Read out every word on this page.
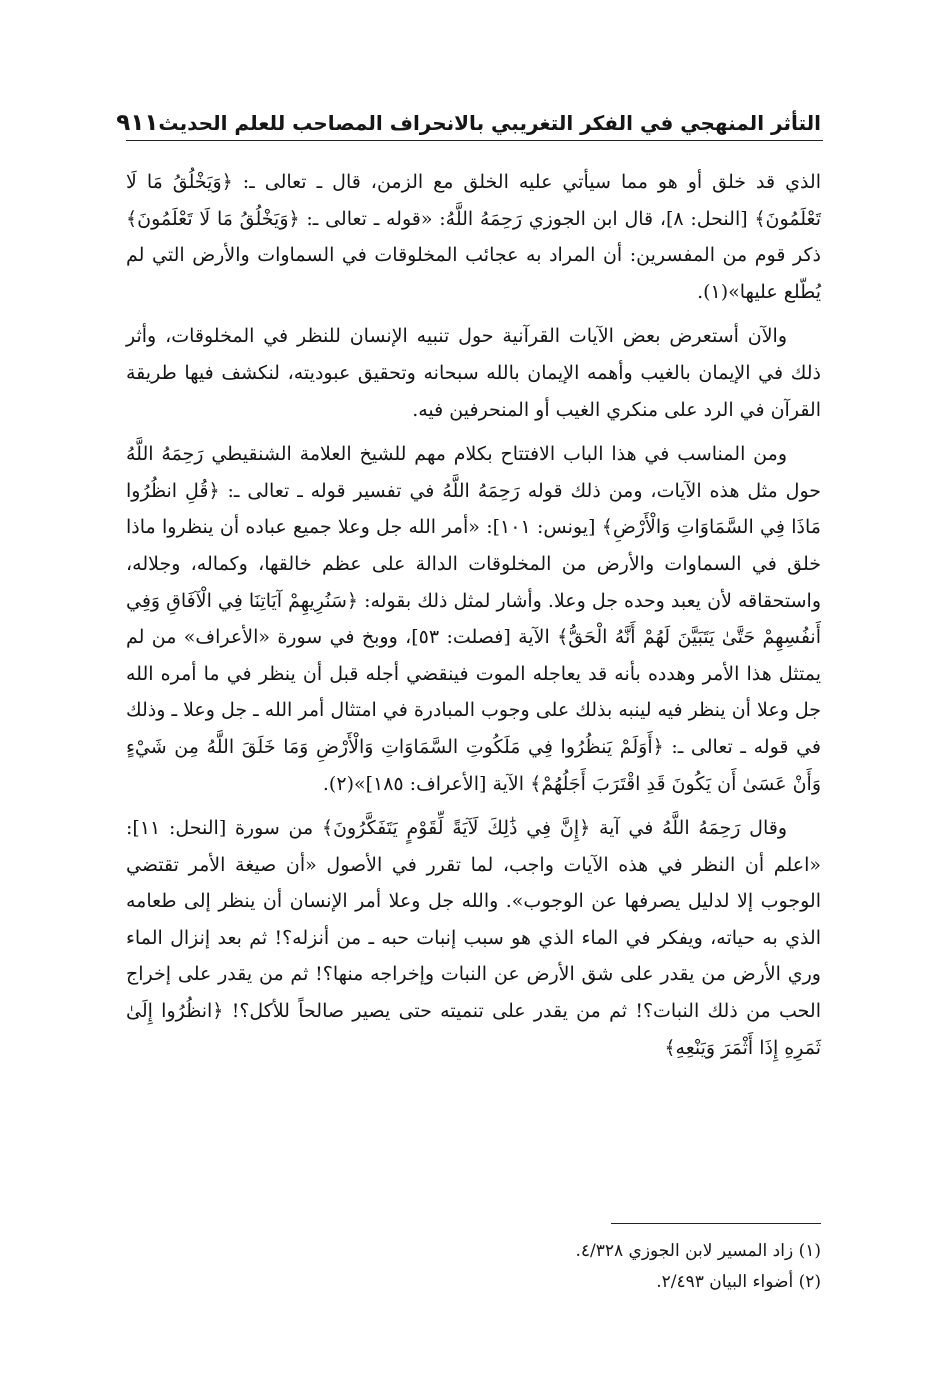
التأثر المنهجي في الفكر التغريبي بالانحراف المصاحب للعلم الحديث
٩١١

الذي قد خلق أو هو مما سيأتي عليه الخلق مع الزمن، قال ـ تعالى ـ: ﴿وَيَخْلُقُ مَا لَا تَعْلَمُونَ﴾ [النحل: ٨]، قال ابن الجوزي رَحِمَهُ اللَّهُ: «قوله ـ تعالى ـ: ﴿وَيَخْلُقُ مَا لَا تَعْلَمُونَ﴾ ذكر قوم من المفسرين: أن المراد به عجائب المخلوقات في السماوات والأرض التي لم يُطّلع عليها»(١).

والآن أستعرض بعض الآيات القرآنية حول تنبيه الإنسان للنظر في المخلوقات، وأثر ذلك في الإيمان بالغيب وأهمه الإيمان بالله سبحانه وتحقيق عبوديته، لنكشف فيها طريقة القرآن في الرد على منكري الغيب أو المنحرفين فيه.

ومن المناسب في هذا الباب الافتتاح بكلام مهم للشيخ العلامة الشنقيطي رَحِمَهُ اللَّهُ حول مثل هذه الآيات، ومن ذلك قوله رَحِمَهُ اللَّهُ في تفسير قوله ـ تعالى ـ: ﴿قُلِ انظُرُوا مَاذَا فِي السَّمَاوَاتِ وَالْأَرْضِ﴾ [يونس: ١٠١]: «أمر الله جل وعلا جميع عباده أن ينظروا ماذا خلق في السماوات والأرض من المخلوقات الدالة على عظم خالقها، وكماله، وجلاله، واستحقاقه لأن يعبد وحده جل وعلا. وأشار لمثل ذلك بقوله: ﴿سَنُرِيهِمْ آيَاتِنَا فِي الْآفَاقِ وَفِي أَنفُسِهِمْ حَتَّىٰ يَتَبَيَّنَ لَهُمْ أَنَّهُ الْحَقُّ﴾ الآية [فصلت: ٥٣]، ووبخ في سورة «الأعراف» من لم يمتثل هذا الأمر وهدده بأنه قد يعاجله الموت فينقضي أجله قبل أن ينظر في ما أمره الله جل وعلا أن ينظر فيه لينبه بذلك على وجوب المبادرة في امتثال أمر الله ـ جل وعلا ـ وذلك في قوله ـ تعالى ـ: ﴿أَوَلَمْ يَنظُرُوا فِي مَلَكُوتِ السَّمَاوَاتِ وَالْأَرْضِ وَمَا خَلَقَ اللَّهُ مِن شَيْءٍ وَأَنْ عَسَىٰ أَن يَكُونَ قَدِ اقْتَرَبَ أَجَلُهُمْ﴾ الآية [الأعراف: ١٨٥]»(٢).

وقال رَحِمَهُ اللَّهُ في آية ﴿إِنَّ فِي ذَٰلِكَ لَآيَةً لِّقَوْمٍ يَتَفَكَّرُونَ﴾ من سورة [النحل: ١١]: «اعلم أن النظر في هذه الآيات واجب، لما تقرر في الأصول «أن صيغة الأمر تقتضي الوجوب إلا لدليل يصرفها عن الوجوب». والله جل وعلا أمر الإنسان أن ينظر إلى طعامه الذي به حياته، ويفكر في الماء الذي هو سبب إنبات حبه ـ من أنزله؟! ثم بعد إنزال الماء وري الأرض من يقدر على شق الأرض عن النبات وإخراجه منها؟! ثم من يقدر على إخراج الحب من ذلك النبات؟! ثم من يقدر على تنميته حتى يصير صالحاً للأكل؟! ﴿انظُرُوا إِلَىٰ ثَمَرِهِ إِذَا أَثْمَرَ وَيَنْعِهِ﴾

(١) زاد المسير لابن الجوزي ٤/٣٢٨.

(٢) أضواء البيان ٢/٤٩٣.
